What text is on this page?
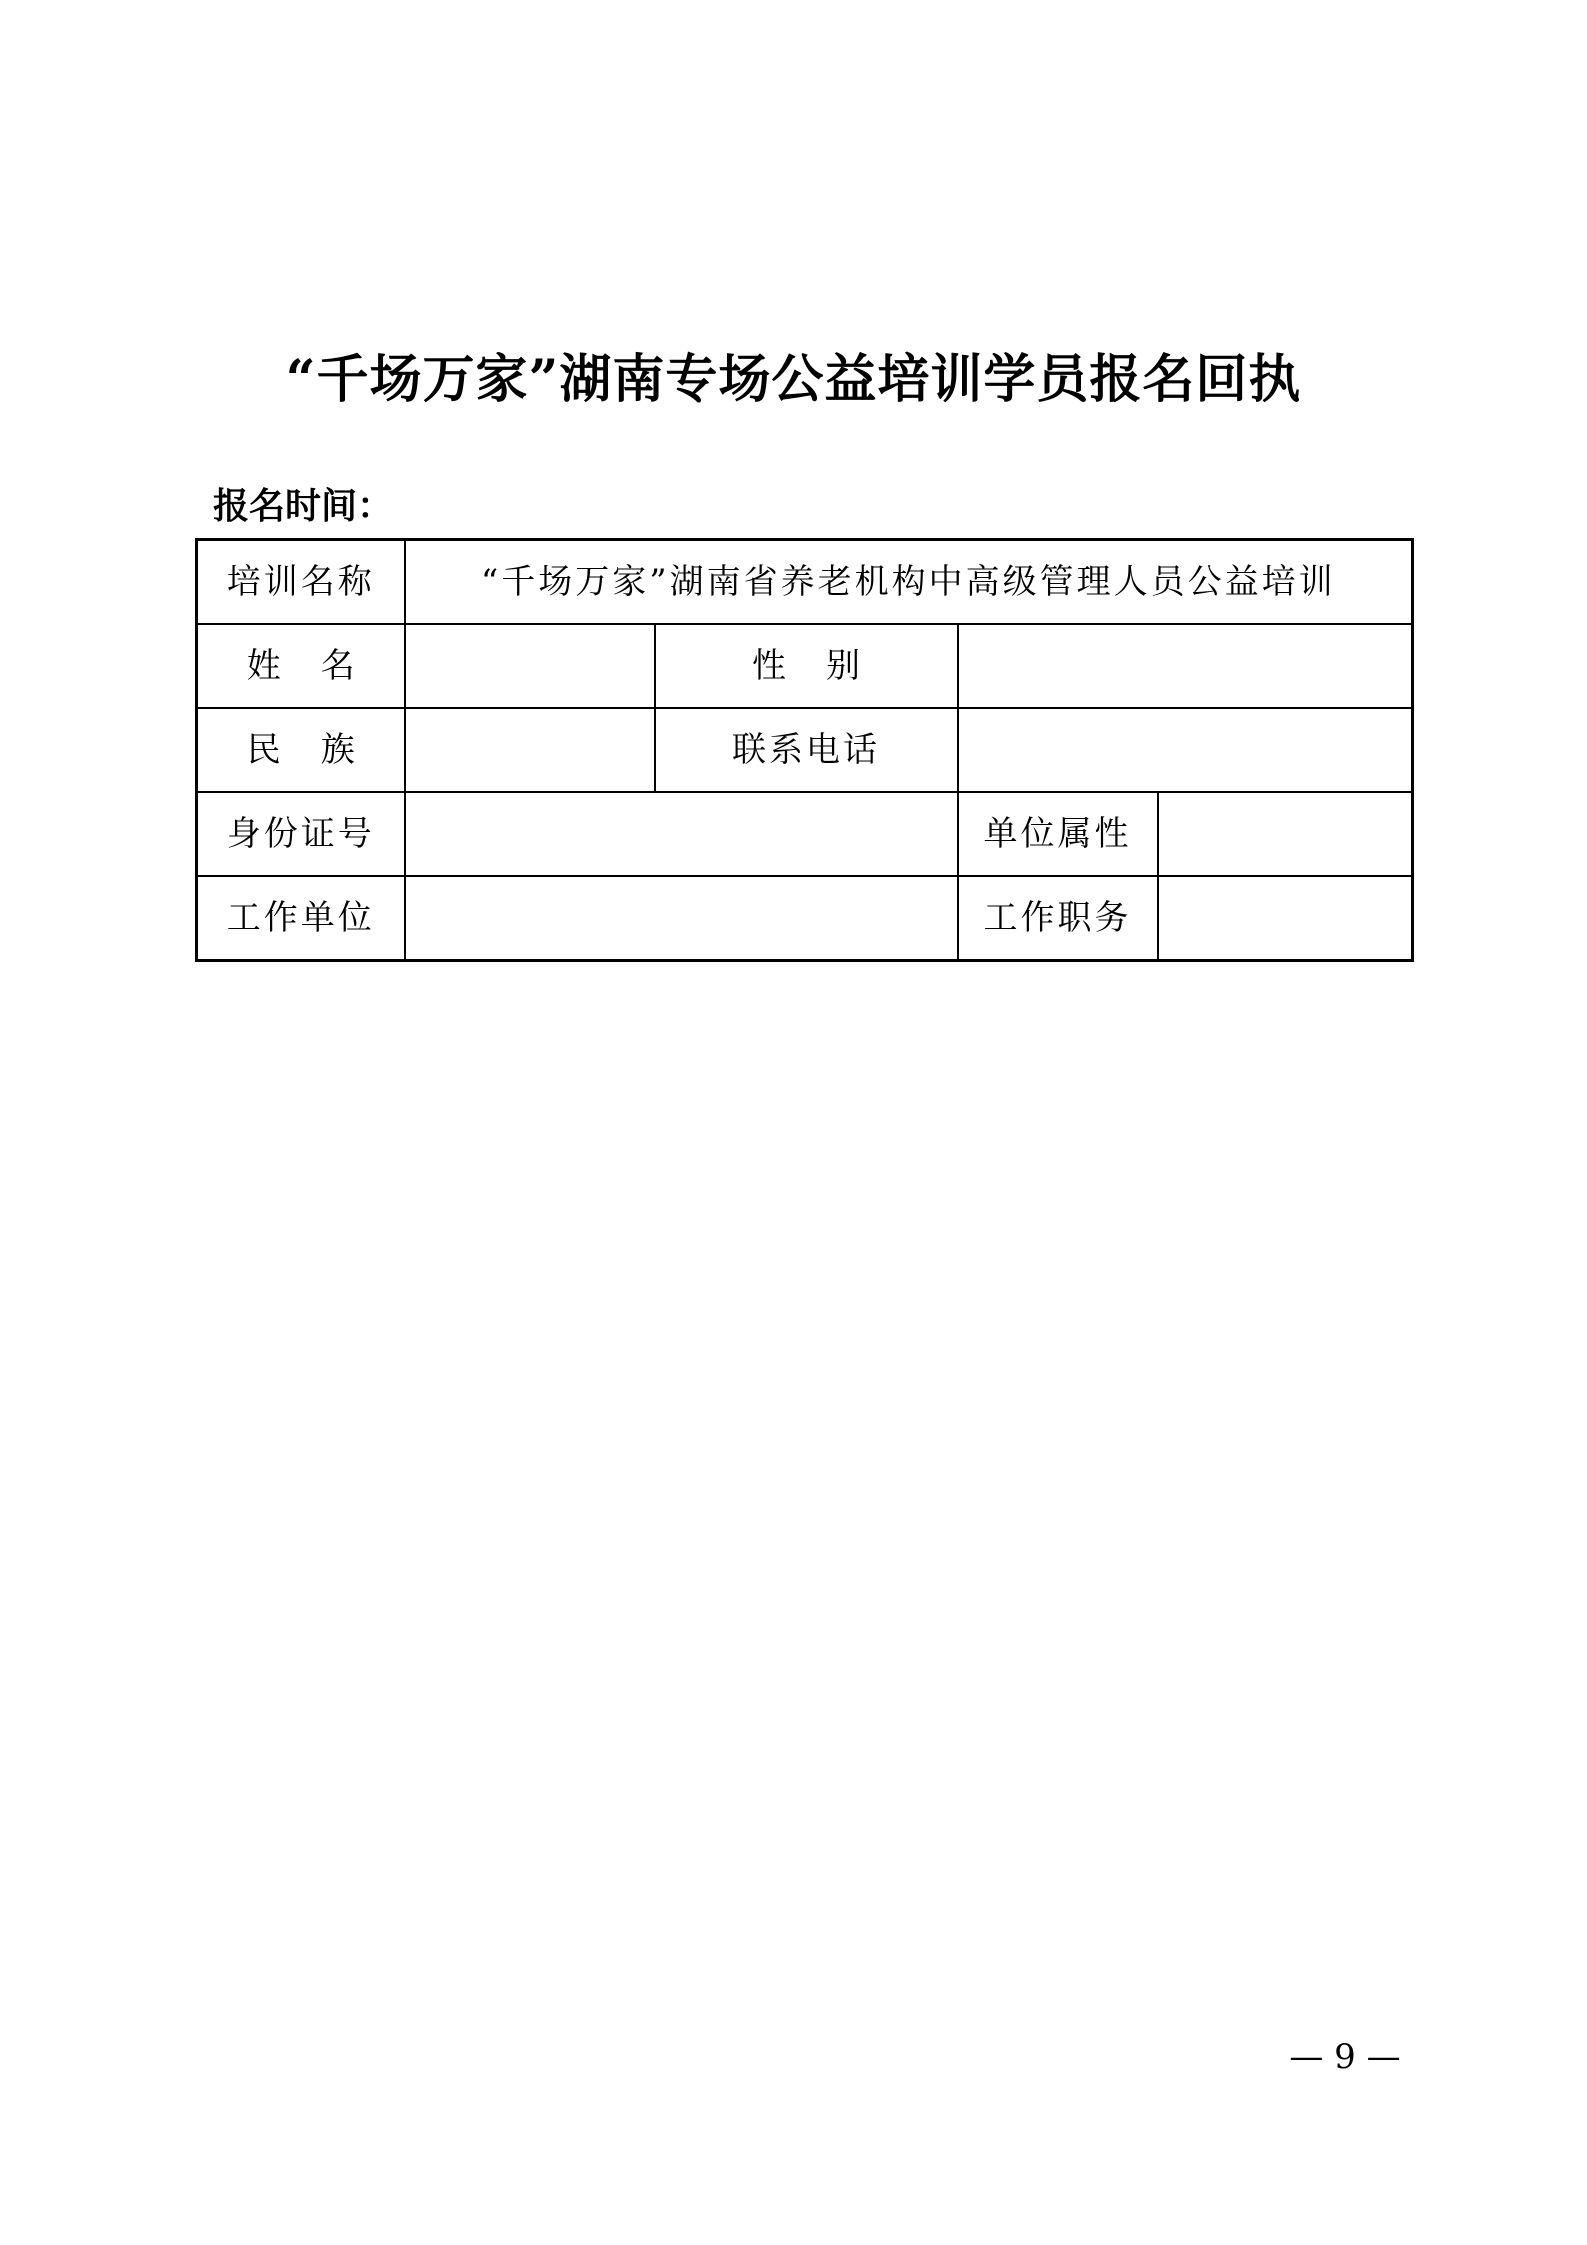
“千场万家”湖南专场公益培训学员报名回执
报名时间：
培训名称	“千场万家”湖南省养老机构中高级管理人员公益培训			
姓名		性别		
民族		联系电话		
身份证号			单位属性	
工作单位			工作职务	
— 9 —
